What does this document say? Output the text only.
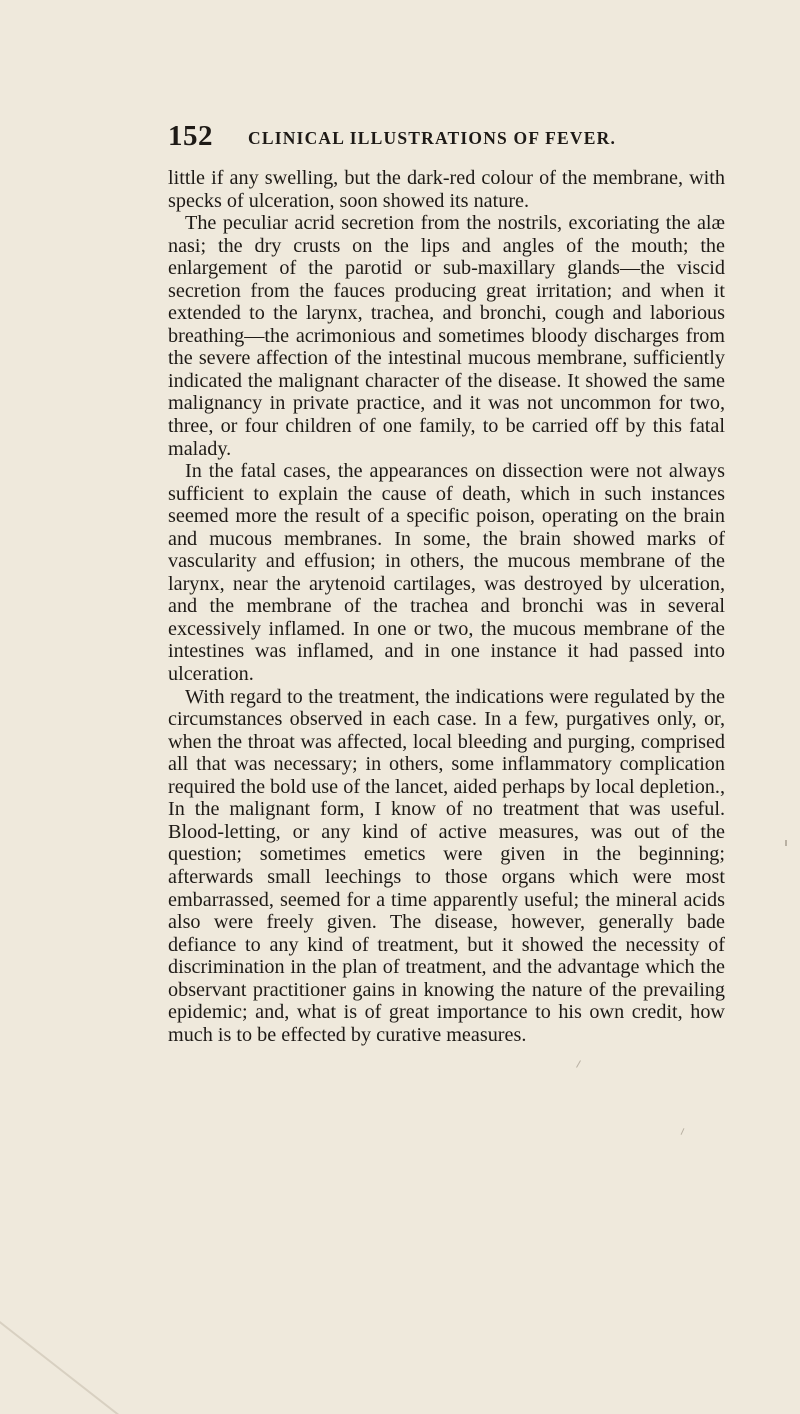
152 CLINICAL ILLUSTRATIONS OF FEVER.

little if any swelling, but the dark-red colour of the membrane, with specks of ulceration, soon showed its nature.

The peculiar acrid secretion from the nostrils, excoriating the alæ nasi; the dry crusts on the lips and angles of the mouth; the enlargement of the parotid or sub-maxillary glands—the viscid secretion from the fauces producing great irritation; and when it extended to the larynx, trachea, and bronchi, cough and laborious breathing—the acrimonious and sometimes bloody discharges from the severe affection of the intestinal mucous membrane, sufficiently indicated the malignant character of the disease. It showed the same malignancy in private practice, and it was not uncommon for two, three, or four children of one family, to be carried off by this fatal malady.

In the fatal cases, the appearances on dissection were not always sufficient to explain the cause of death, which in such instances seemed more the result of a specific poison, operating on the brain and mucous membranes. In some, the brain showed marks of vascularity and effusion; in others, the mucous membrane of the larynx, near the arytenoid cartilages, was destroyed by ulceration, and the membrane of the trachea and bronchi was in several excessively inflamed. In one or two, the mucous membrane of the intestines was inflamed, and in one instance it had passed into ulceration.

With regard to the treatment, the indications were regulated by the circumstances observed in each case. In a few, purgatives only, or, when the throat was affected, local bleeding and purging, comprised all that was necessary; in others, some inflammatory complication required the bold use of the lancet, aided perhaps by local depletion., In the malignant form, I know of no treatment that was useful. Blood-letting, or any kind of active measures, was out of the question; sometimes emetics were given in the beginning; afterwards small leechings to those organs which were most embarrassed, seemed for a time apparently useful; the mineral acids also were freely given. The disease, however, generally bade defiance to any kind of treatment, but it showed the necessity of discrimination in the plan of treatment, and the advantage which the observant practitioner gains in knowing the nature of the prevailing epidemic; and, what is of great importance to his own credit, how much is to be effected by curative measures.
